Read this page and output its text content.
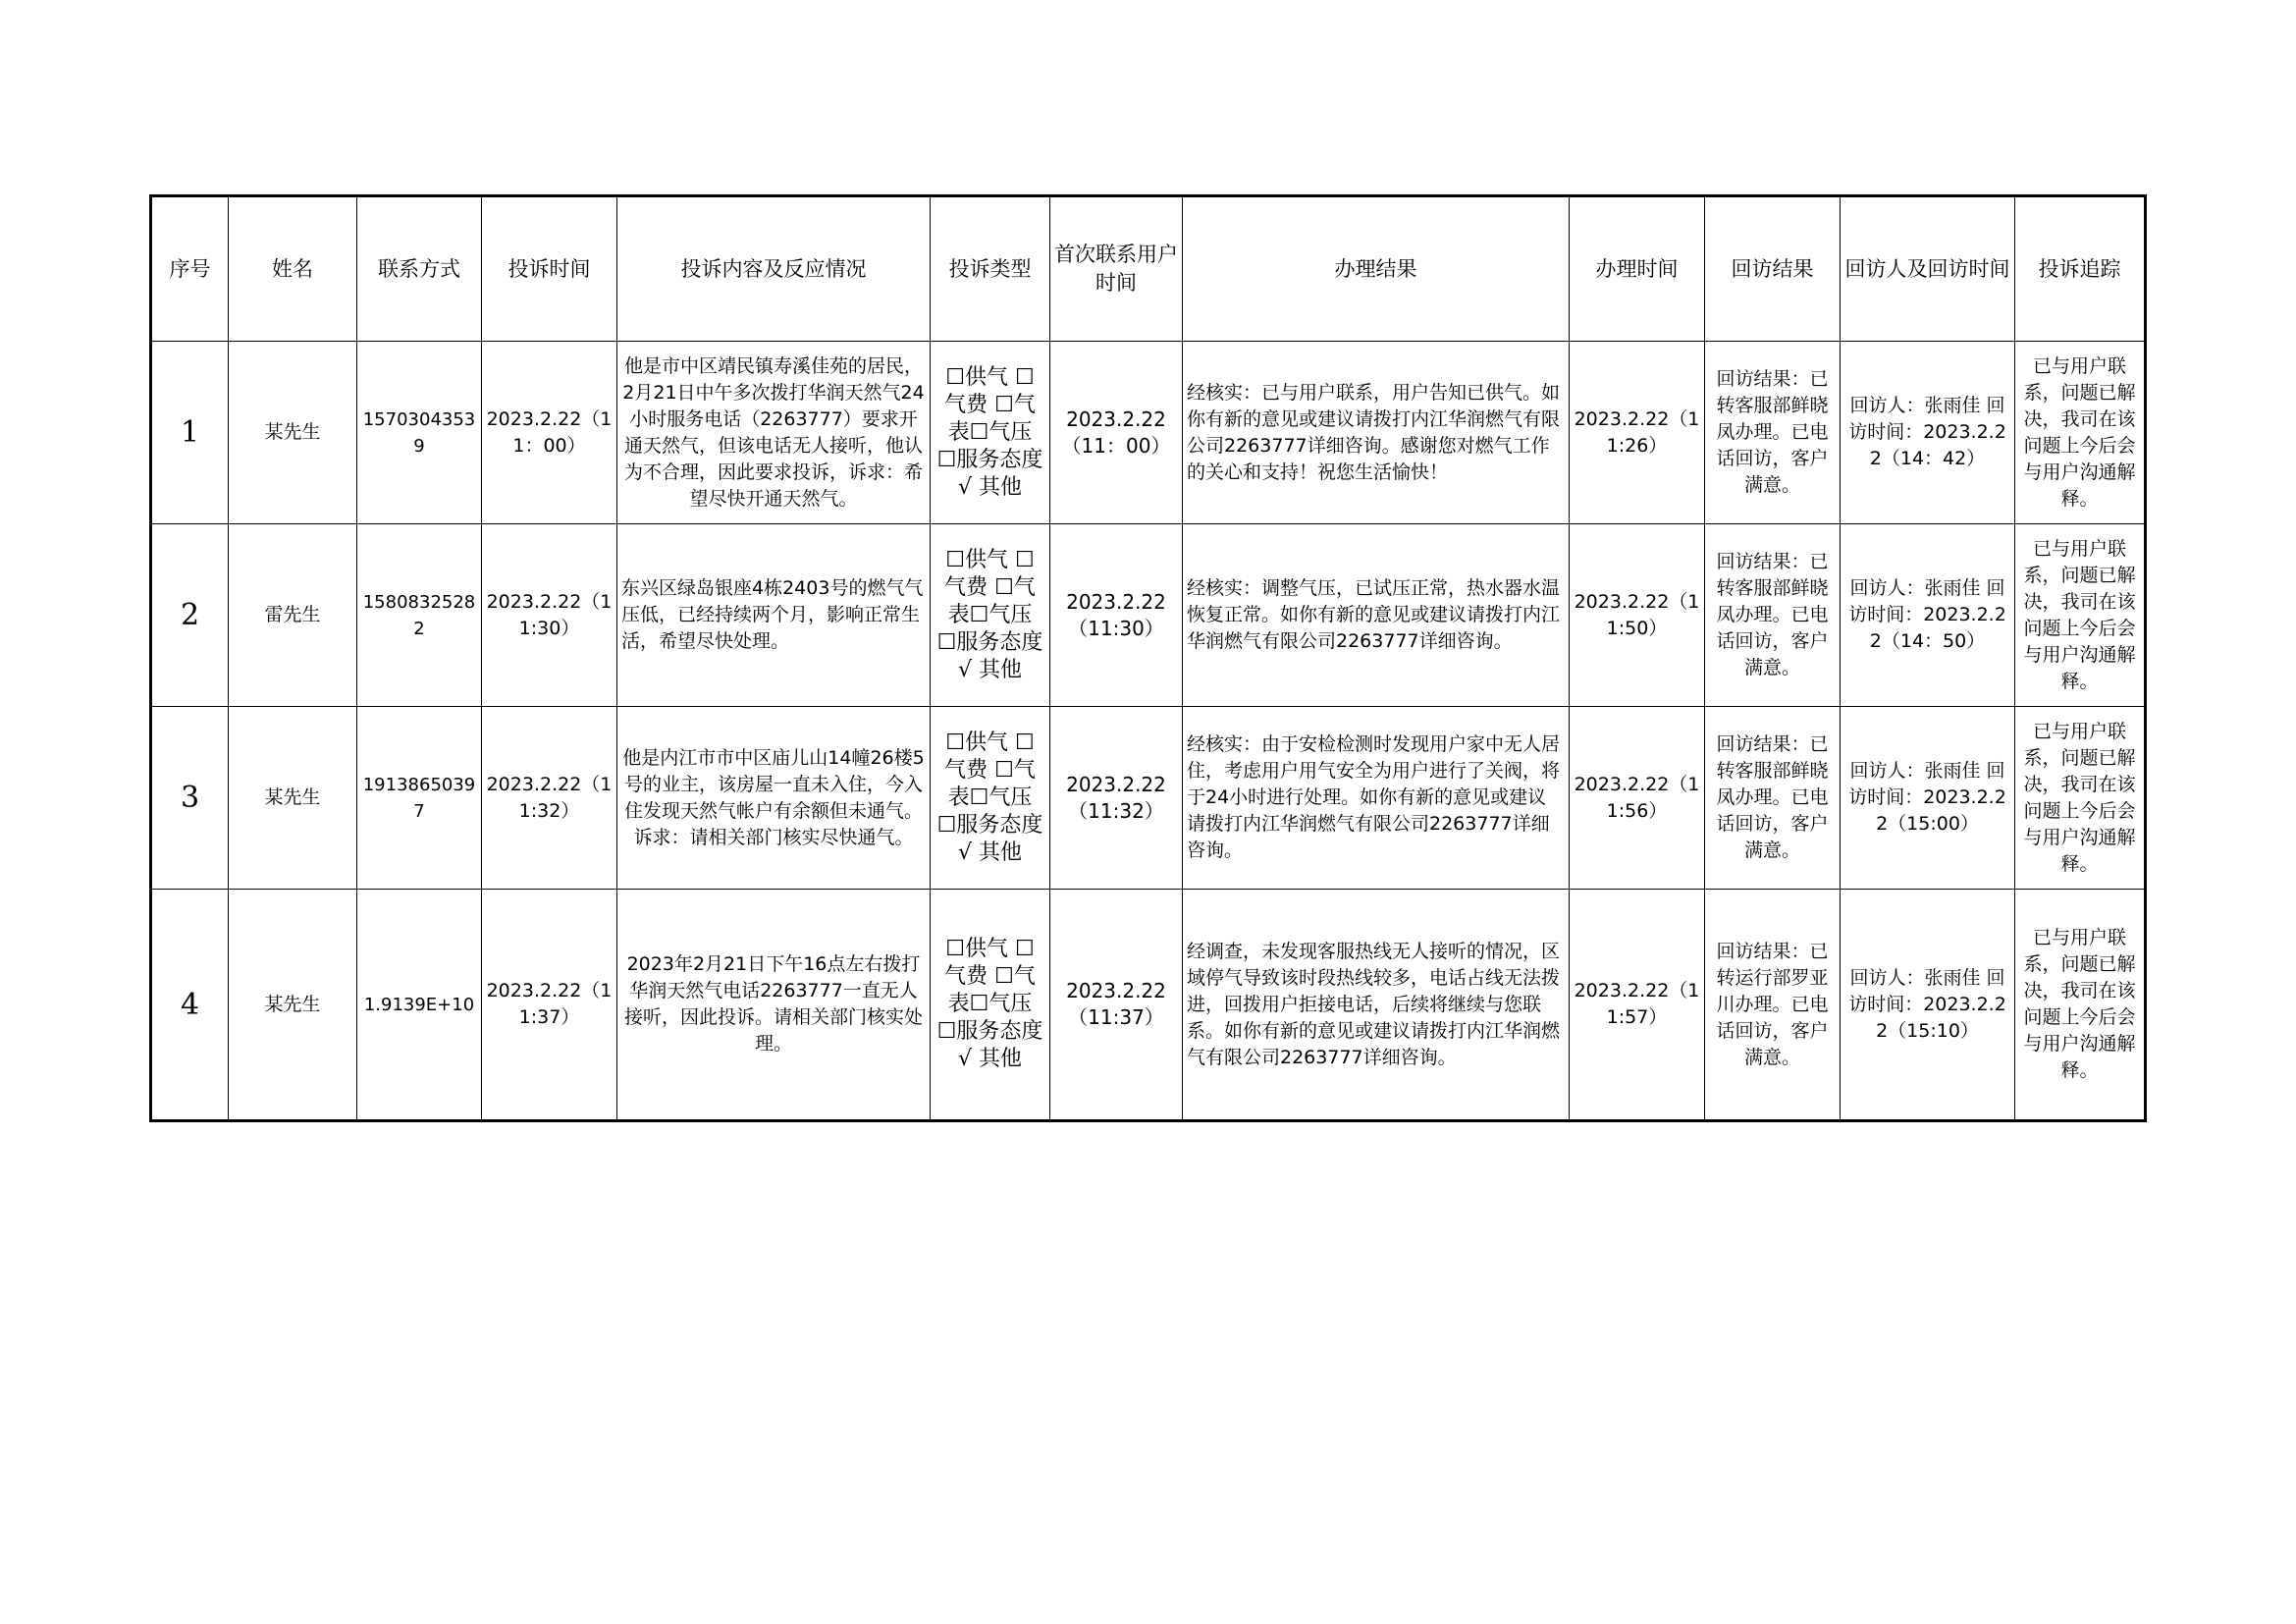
序号	姓名	联系方式	投诉时间	投诉内容及反应情况	投诉类型	首次联系用户时间	办理结果	办理时间	回访结果	回访人及回访时间	投诉追踪
1	某先生	15703043539	2023.2.22（11：00）	他是市中区靖民镇寿溪佳苑的居民，2月21日中午多次拨打华润天然气24小时服务电话（2263777）要求开通天然气，但该电话无人接听，他认为不合理，因此要求投诉，诉求：希望尽快开通天然气。	☐供气 ☐气费 ☐气表☐气压 ☐服务态度 √ 其他	2023.2.22（11：00）	经核实：已与用户联系，用户告知已供气。如你有新的意见或建议请拨打内江华润燃气有限公司2263777详细咨询。感谢您对燃气工作的关心和支持！祝您生活愉快！	2023.2.22（11:26）	回访结果：已转客服部鲜晓凤办理。已电话回访，客户满意。	回访人：张雨佳 回访时间：2023.2.22（14：42）	已与用户联系，问题已解决，我司在该问题上今后会与用户沟通解释。
2	雷先生	15808325282	2023.2.22（11:30）	东兴区绿岛银座4栋2403号的燃气气压低，已经持续两个月，影响正常生活，希望尽快处理。	☐供气 ☐气费 ☐气表☐气压 ☐服务态度 √ 其他	2023.2.22（11:30）	经核实：调整气压，已试压正常，热水器水温恢复正常。如你有新的意见或建议请拨打内江华润燃气有限公司2263777详细咨询。	2023.2.22（11:50）	回访结果：已转客服部鲜晓凤办理。已电话回访，客户满意。	回访人：张雨佳 回访时间：2023.2.22（14：50）	已与用户联系，问题已解决，我司在该问题上今后会与用户沟通解释。
3	某先生	19138650397	2023.2.22（11:32）	他是内江市市中区庙儿山14幢26楼5号的业主，该房屋一直未入住，今入住发现天然气帐户有余额但未通气。诉求：请相关部门核实尽快通气。	☐供气 ☐气费 ☐气表☐气压 ☐服务态度 √ 其他	2023.2.22（11:32）	经核实：由于安检检测时发现用户家中无人居住，考虑用户用气安全为用户进行了关阀，将于24小时进行处理。如你有新的意见或建议请拨打内江华润燃气有限公司2263777详细咨询。	2023.2.22（11:56）	回访结果：已转客服部鲜晓凤办理。已电话回访，客户满意。	回访人：张雨佳 回访时间：2023.2.22（15:00）	已与用户联系，问题已解决，我司在该问题上今后会与用户沟通解释。
4	某先生	1.9139E+10	2023.2.22（11:37）	2023年2月21日下午16点左右拨打华润天然气电话2263777一直无人接听，因此投诉。请相关部门核实处理。	☐供气 ☐气费 ☐气表☐气压 ☐服务态度 √ 其他	2023.2.22（11:37）	经调查，未发现客服热线无人接听的情况，区域停气导致该时段热线较多，电话占线无法拨进，回拨用户拒接电话，后续将继续与您联系。如你有新的意见或建议请拨打内江华润燃气有限公司2263777详细咨询。	2023.2.22（11:57）	回访结果：已转运行部罗亚川办理。已电话回访，客户满意。	回访人：张雨佳 回访时间：2023.2.22（15:10）	已与用户联系，问题已解决，我司在该问题上今后会与用户沟通解释。
